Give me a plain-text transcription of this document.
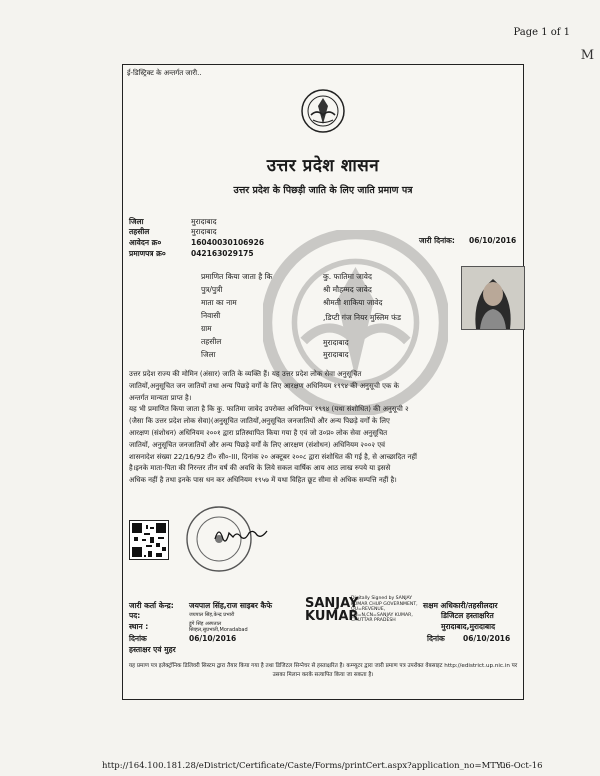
Page 1 of 1
M
ई-डिस्ट्रिक्ट के अन्तर्गत जारी..
उत्तर प्रदेश शासन
उत्तर प्रदेश के पिछड़ी जाति के लिए जाति प्रमाण पत्र
जिला	मुरादाबाद
तहसील	मुरादाबाद
आवेदन क्र०	16040030106926
प्रमाणपत्र क्र०	042163029175
जारी दिनांक: 06/10/2016
प्रमाणित किया जाता है कि	कु. फातिमा जावेद
पुत्र/पुत्री	श्री मौहम्मद जावेद
माता का नाम	श्रीमती शाकिया जावेद
निवासी	,डिप्टी गंज नियर मुस्लिम फंड
ग्राम
तहसील	मुरादाबाद
जिला	मुरादाबाद
उत्तर प्रदेश राज्य की मोमिन (अंसार) जाति के व्यक्ति हैं। यह उत्तर प्रदेश लोक सेवा अनुसूचित
जातियों,अनुसूचित जन जातियों तथा अन्य पिछड़े वर्गों के लिए आरक्षण अधिनियम १९९४ की अनुसूची एक के
अन्तर्गत मान्यता प्राप्त है।
यह भी प्रमाणित किया जाता है कि कु. फातिमा जावेद उपरोक्त अधिनियम १९९४ (यथा संशोधित) की अनुसूची २
(जैसा कि उत्तर प्रदेश लोक सेवा)(अनुसूचित जातियों,अनुसूचित जनजातियों और अन्य पिछड़े वर्गों के लिए
आरक्षण (संशोधन) अधिनियम २००१ द्वारा प्रतिस्थापित किया गया है एवं जो उ०प्र० लोक सेवा अनुसूचित
जातियों, अनुसूचित जनजातियों और अन्य पिछड़े वर्गों के लिए आरक्षण (संशोधन) अधिनियम २००२ एवं
शासनादेश संख्या 22/16/92 टी० सी०-III, दिनांक २० अक्टूबर २००८ द्वारा संशोधित की गई है, से आच्छादित नहीं
है।इनके माता-पिता की निरन्तर तीन वर्ष की अवधि के लिये सकल वार्षिक आय आठ लाख रुपये या इससे
अधिक नहीं है तथा इनके पास धन कर अधिनियम १९५७ में यथा विहित छूट सीमा से अधिक सम्पत्ति नहीं है।
जारी कर्ता केन्द्र: जयपाल सिंह,राज साइबर कैफे
पद:	जयपाल सिंह,केन्द्र प्रभारी
स्थान :	डुंगे सिंह अस्पताल
सिव्हल,सुप्रभाती,Moradabad
दिनांक	06/10/2016
हस्ताक्षर एवं मुहर
SANJAY
KUMAR
Digitally Signed by SANJAY KUMAR CHUP GOVERNMENT, OU=REVENUE, CN=N,CN=SANJAY KUMAR, CHUTTAR PRADESH
सक्षम अधिकारी/तहसीलदार
डिजिटल हस्ताक्षरित
मुरादाबाद,मुरादाबाद
दिनांक 06/10/2016
यह प्रमाण पत्र इलेक्ट्रॉनिक डिलिवरी सिस्टम द्वारा तैयार किया गया है तथा डिजिटल सिग्नेचर से हस्ताक्षरित है। कम्प्यूटर द्वारा जारी प्रमाण पत्र उपरोक्त वेबसाइट http://edistrict.up.nic.in पर उसका मिलान करके सत्यापित किया जा सकता है।
http://164.100.181.28/eDistrict/Certificate/Caste/Forms/printCert.aspx?application_no=MTY...
06-Oct-16
